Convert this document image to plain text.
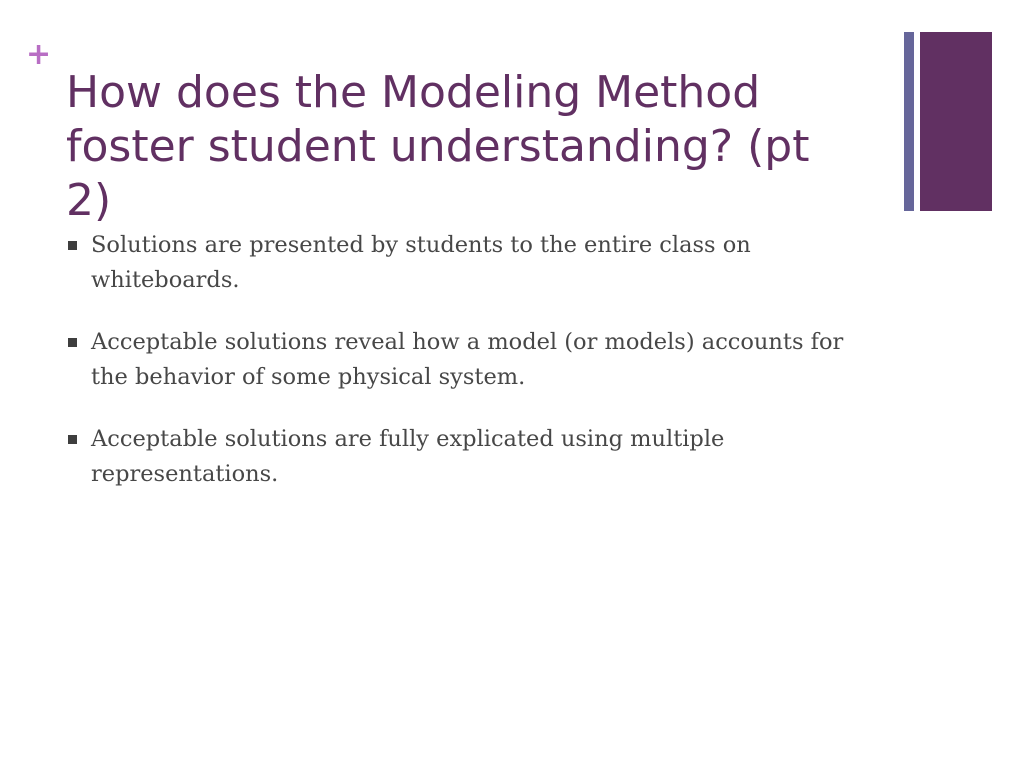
+
How does the Modeling Method foster student understanding? (pt 2)
Solutions are presented by students to the entire class on whiteboards.
Acceptable solutions reveal how a model (or models) accounts for the behavior of some physical system.
Acceptable solutions are fully explicated using multiple representations.
